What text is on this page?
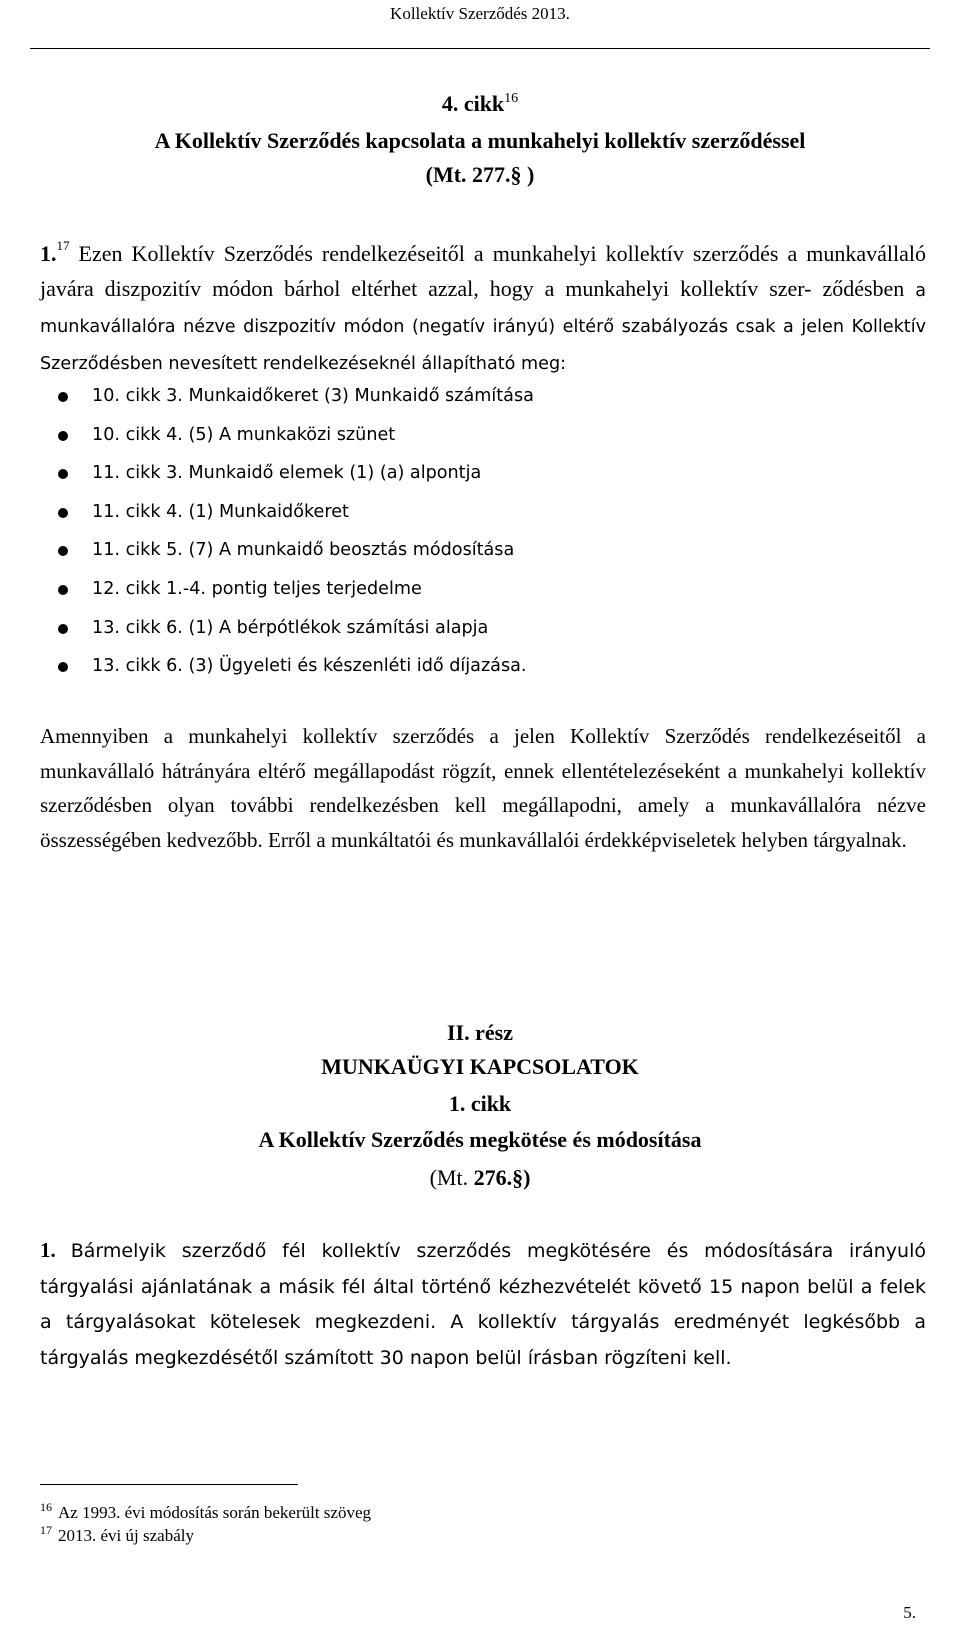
Kollektív Szerződés 2013.
4. cikk$^{16}$
A Kollektív Szerződés kapcsolata a munkahelyi kollektív szerződéssel
(Mt. 277.§ )
1.17 Ezen Kollektív Szerződés rendelkezéseitől a munkahelyi kollektív szerződés a munkavállaló javára diszpozitív módon bárhol eltérhet azzal, hogy a munkahelyi kollektív szer- ződésben a munkavállalóra nézve diszpozitív módon (negatív irányú) eltérő szabályozás csak a jelen Kollektív Szerződésben nevesített rendelkezéseknél állapítható meg:
10. cikk 3. Munkaidőkeret (3) Munkaidő számítása
10. cikk 4. (5) A munkaközi szünet
11. cikk 3. Munkaidő elemek (1) (a) alpontja
11. cikk 4. (1) Munkaidőkeret
11. cikk 5. (7) A munkaidő beosztás módosítása
12. cikk 1.-4. pontig teljes terjedelme
13. cikk 6. (1) A bérpótlékok számítási alapja
13. cikk 6. (3) Ügyeleti és készenléti idő díjazása.
Amennyiben a munkahelyi kollektív szerződés a jelen Kollektív Szerződés rendelkezéseitől a munkavállaló hátrányára eltérő megállapodást rögzít, ennek ellentételezéseként a munkahelyi kollektív szerződésben olyan további rendelkezésben kell megállapodni, amely a munkavállalóra nézve összességében kedvezőbb. Erről a munkáltatói és munkavállalói érdekképviseletek helyben tárgyalnak.
II. rész
MUNKAÜGYI KAPCSOLATOK
1. cikk
A Kollektív Szerződés megkötése és módosítása
(Mt. 276.§)
1. Bármelyik szerződő fél kollektív szerződés megkötésére és módosítására irányuló tárgyalási ajánlatának a másik fél által történő kézhezvételét követő 15 napon belül a felek a tárgyalásokat kötelesek megkezdeni. A kollektív tárgyalás eredményét legkésőbb a tárgyalás megkezdésétől számított 30 napon belül írásban rögzíteni kell.
$^{16}$ Az 1993. évi módosítás során bekerült szöveg
$^{17}$ 2013. évi új szabály
5.
